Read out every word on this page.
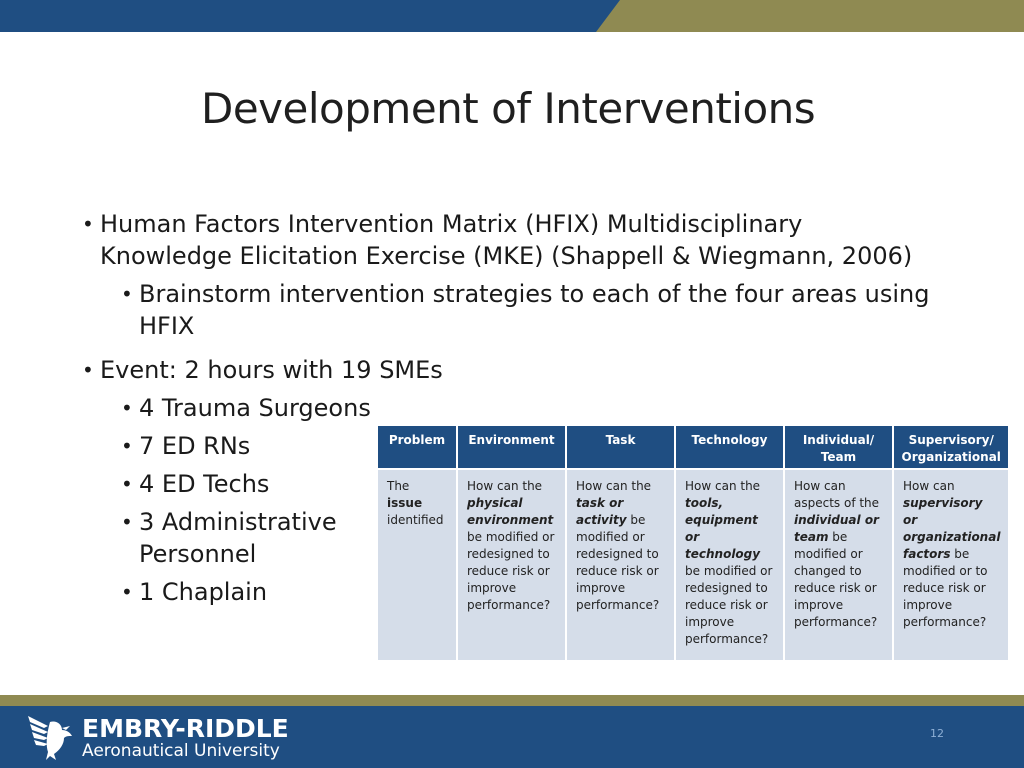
Development of Interventions
• Human Factors Intervention Matrix (HFIX) Multidisciplinary
Knowledge Elicitation Exercise (MKE) (Shappell & Wiegmann, 2006)
• Brainstorm intervention strategies to each of the four areas using
HFIX
• Event: 2 hours with 19 SMEs
• 4 Trauma Surgeons
• 7 ED RNs
• 4 ED Techs
• 3 Administrative
Personnel
• 1 Chaplain
Problem	Environment	Task	Technology	Individual/ Team	Supervisory/ Organizational
The issue identified	How can the physical environment be modified or redesigned to reduce risk or improve performance?	How can the task or activity be modified or redesigned to reduce risk or improve performance?	How can the tools, equipment or technology be modified or redesigned to reduce risk or improve performance?	How can aspects of the individual or team be modified or changed to reduce risk or improve performance?	How can supervisory or organizational factors be modified or to reduce risk or improve performance?
EMBRY-RIDDLE
Aeronautical University
12
